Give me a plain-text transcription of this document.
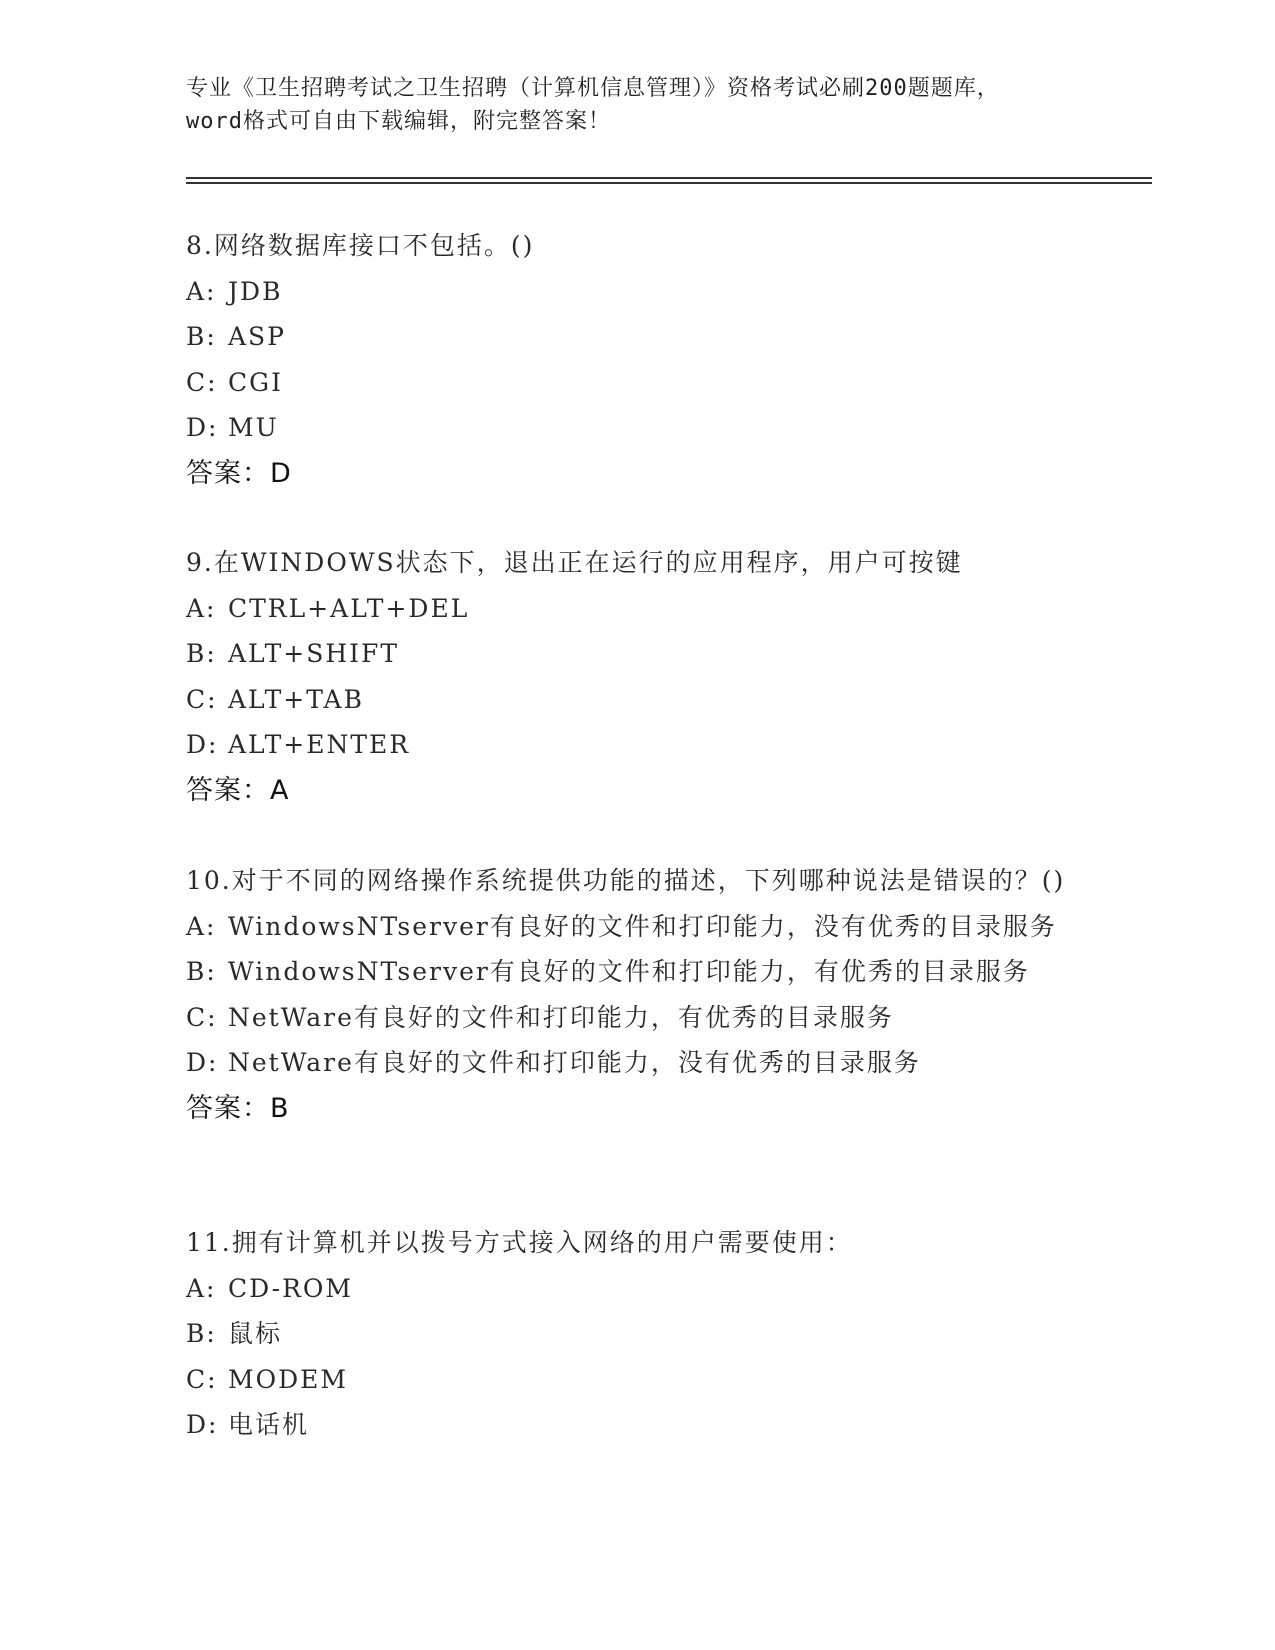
专业《卫生招聘考试之卫生招聘（计算机信息管理）》资格考试必刷200题题库，
word格式可自由下载编辑，附完整答案！
8.网络数据库接口不包括。()
A: JDB
B: ASP
C: CGI
D: MU
答案：D
9.在WINDOWS状态下，退出正在运行的应用程序，用户可按键
A: CTRL+ALT+DEL
B: ALT+SHIFT
C: ALT+TAB
D: ALT+ENTER
答案：A
10.对于不同的网络操作系统提供功能的描述，下列哪种说法是错误的？()
A: WindowsNTserver有良好的文件和打印能力，没有优秀的目录服务
B: WindowsNTserver有良好的文件和打印能力，有优秀的目录服务
C: NetWare有良好的文件和打印能力，有优秀的目录服务
D: NetWare有良好的文件和打印能力，没有优秀的目录服务
答案：B
11.拥有计算机并以拨号方式接入网络的用户需要使用：
A: CD-ROM
B: 鼠标
C: MODEM
D: 电话机
